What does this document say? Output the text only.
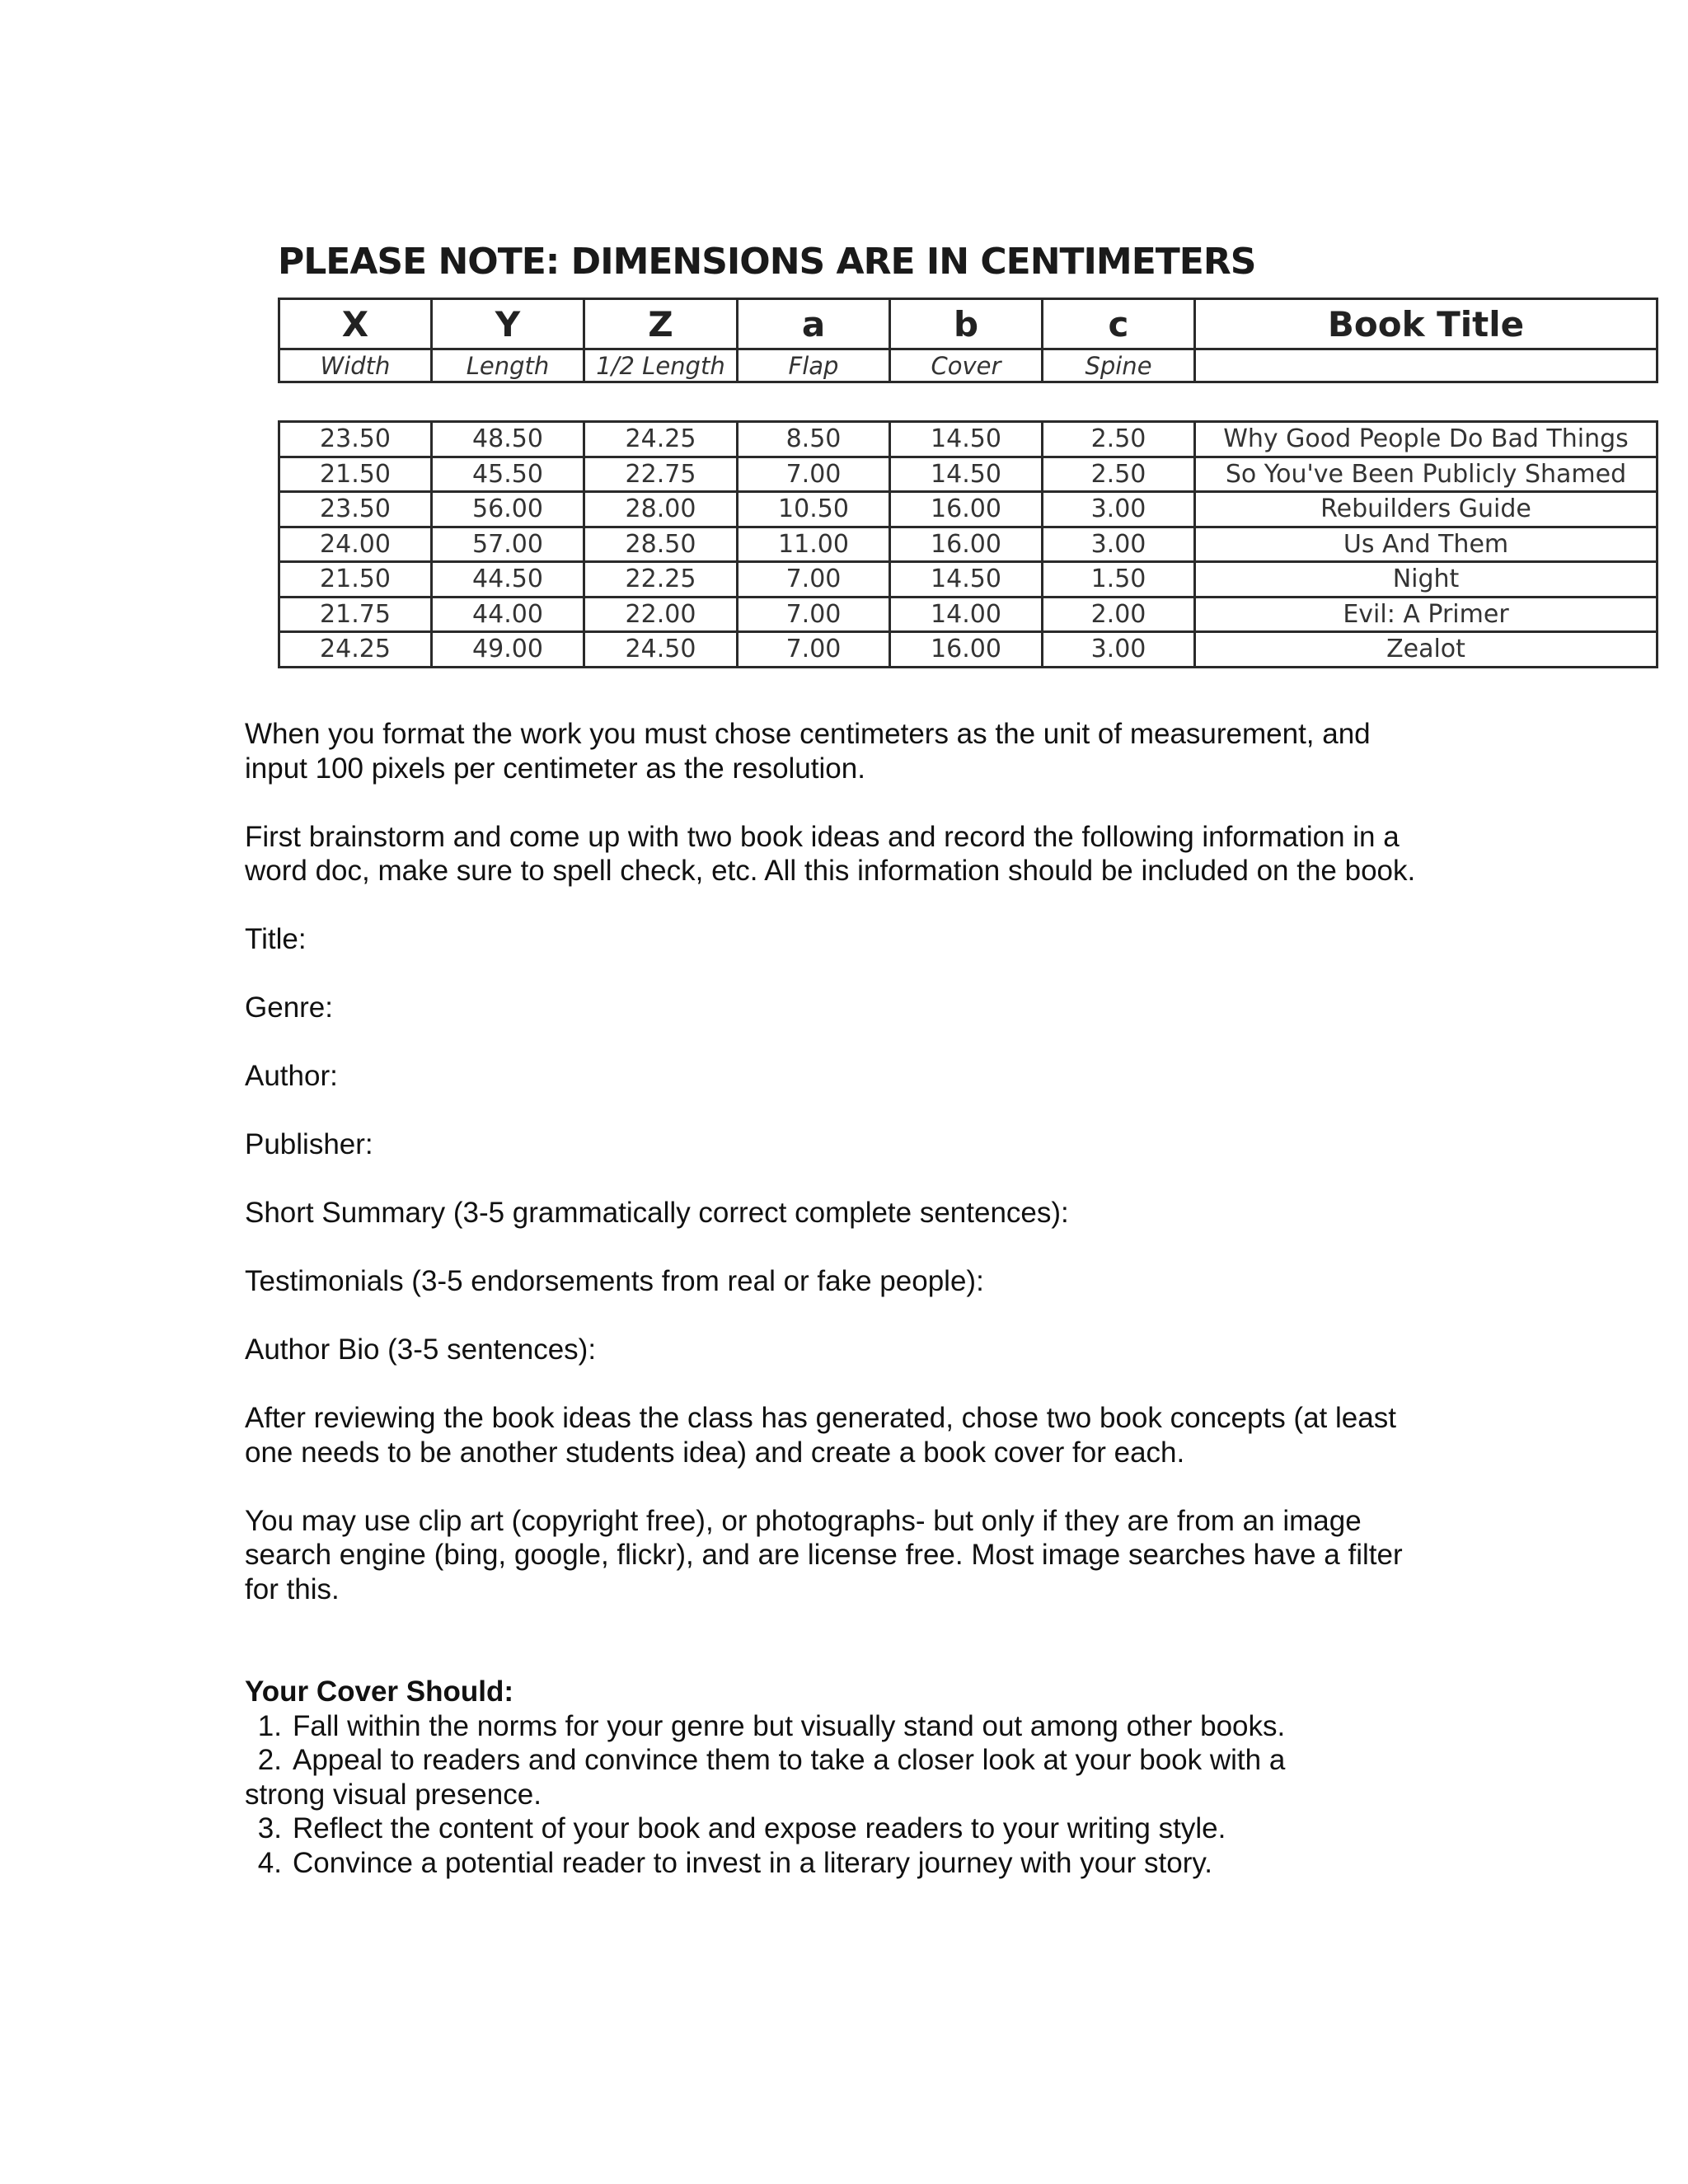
PLEASE NOTE: DIMENSIONS ARE IN CENTIMETERS
X	Y	Z	a	b	c	Book Title
Width	Length	1/2 Length	Flap	Cover	Spine	
23.50	48.50	24.25	8.50	14.50	2.50	Why Good People Do Bad Things
21.50	45.50	22.75	7.00	14.50	2.50	So You've Been Publicly Shamed
23.50	56.00	28.00	10.50	16.00	3.00	Rebuilders Guide
24.00	57.00	28.50	11.00	16.00	3.00	Us And Them
21.50	44.50	22.25	7.00	14.50	1.50	Night
21.75	44.00	22.00	7.00	14.00	2.00	Evil: A Primer
24.25	49.00	24.50	7.00	16.00	3.00	Zealot

When you format the work you must chose centimeters as the unit of measurement, and input 100 pixels per centimeter as the resolution.

First brainstorm and come up with two book ideas and record the following information in a word doc, make sure to spell check, etc. All this information should be included on the book.

Title:

Genre:

Author:

Publisher:

Short Summary (3-5 grammatically correct complete sentences):

Testimonials (3-5 endorsements from real or fake people):

Author Bio (3-5 sentences):

After reviewing the book ideas the class has generated, chose two book concepts (at least one needs to be another students idea) and create a book cover for each.

You may use clip art (copyright free), or photographs- but only if they are from an image search engine (bing, google, flickr), and are license free. Most image searches have a filter for this.

Your Cover Should:
1. Fall within the norms for your genre but visually stand out among other books.
2. Appeal to readers and convince them to take a closer look at your book with a
strong visual presence.
3. Reflect the content of your book and expose readers to your writing style.
4. Convince a potential reader to invest in a literary journey with your story.
